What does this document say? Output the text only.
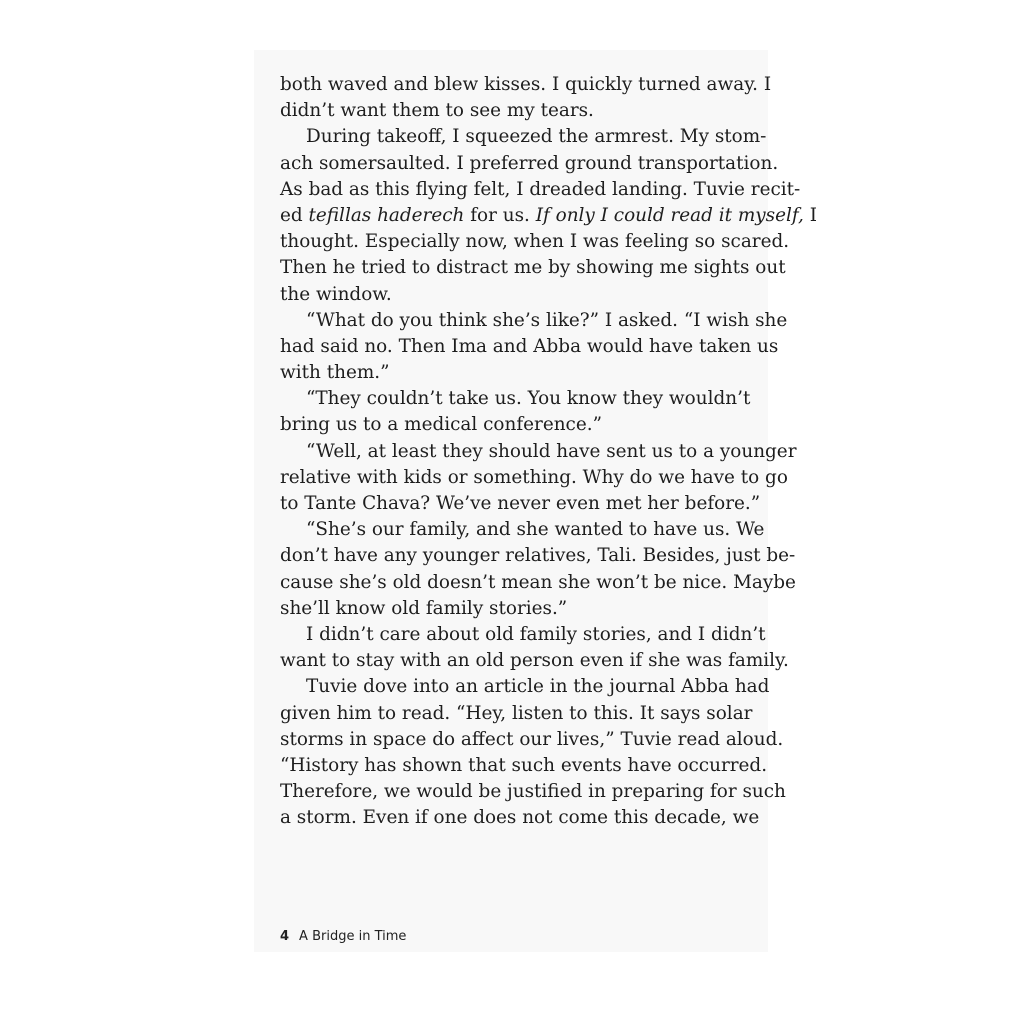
both waved and blew kisses. I quickly turned away. I
didn’t want them to see my tears.
During takeoff, I squeezed the armrest. My stom-
ach somersaulted. I preferred ground transportation.
As bad as this flying felt, I dreaded landing. Tuvie recit-
ed tefillas haderech for us. If only I could read it myself, I
thought. Especially now, when I was feeling so scared.
Then he tried to distract me by showing me sights out
the window.
“What do you think she’s like?” I asked. “I wish she
had said no. Then Ima and Abba would have taken us
with them.”
“They couldn’t take us. You know they wouldn’t
bring us to a medical conference.”
“Well, at least they should have sent us to a younger
relative with kids or something. Why do we have to go
to Tante Chava? We’ve never even met her before.”
“She’s our family, and she wanted to have us. We
don’t have any younger relatives, Tali. Besides, just be-
cause she’s old doesn’t mean she won’t be nice. Maybe
she’ll know old family stories.”
I didn’t care about old family stories, and I didn’t
want to stay with an old person even if she was family.
Tuvie dove into an article in the journal Abba had
given him to read. “Hey, listen to this. It says solar
storms in space do affect our lives,” Tuvie read aloud.
“History has shown that such events have occurred.
Therefore, we would be justified in preparing for such
a storm. Even if one does not come this decade, we
4 A Bridge in Time
